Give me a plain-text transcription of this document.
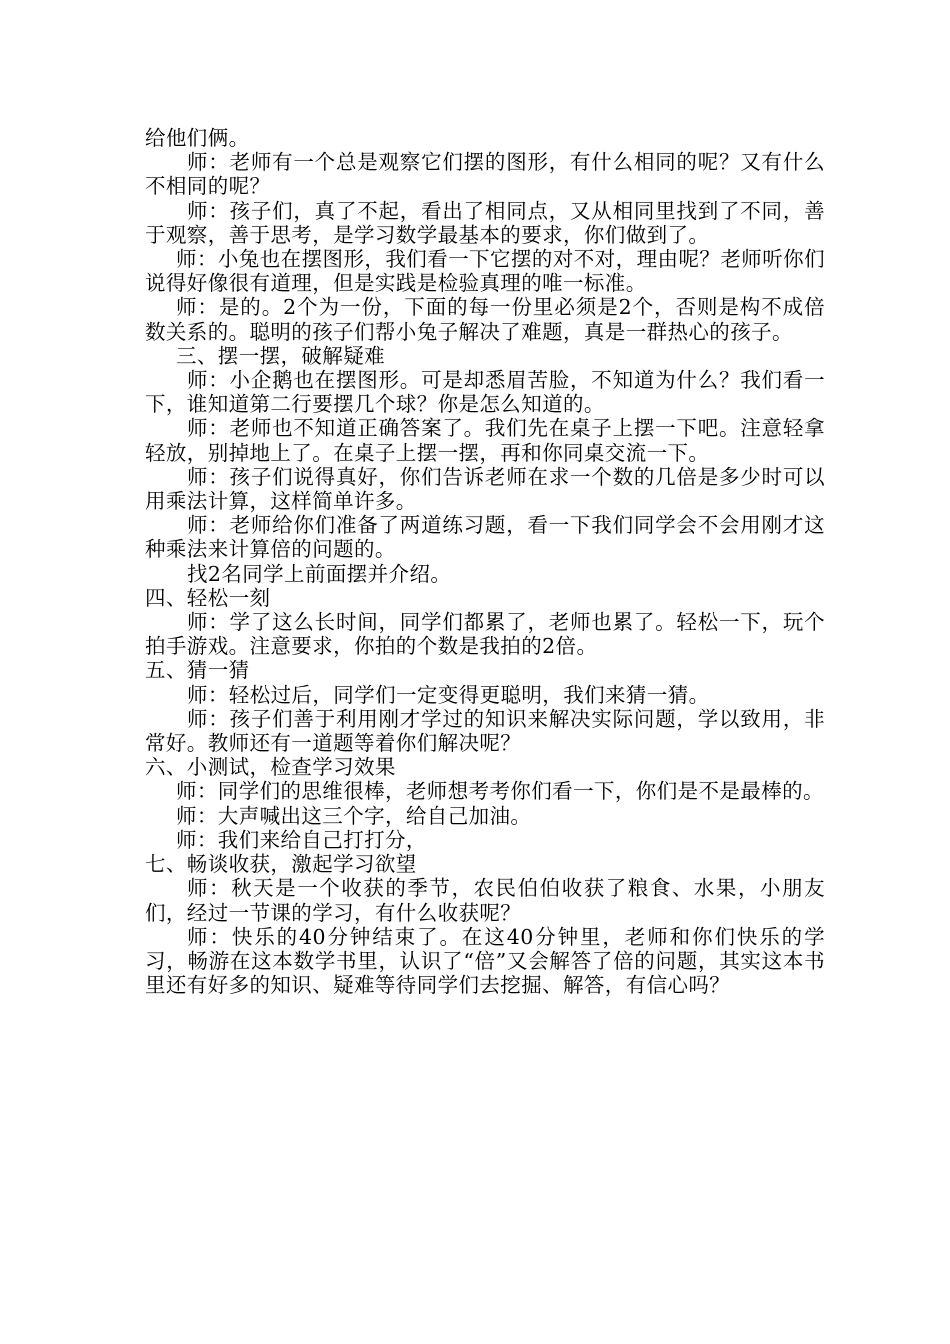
给他们俩。

师：老师有一个总是观察它们摆的图形，有什么相同的呢？又有什么不相同的呢？

师：孩子们，真了不起，看出了相同点，又从相同里找到了不同，善于观察，善于思考，是学习数学最基本的要求，你们做到了。

师：小兔也在摆图形，我们看一下它摆的对不对，理由呢？老师听你们说得好像很有道理，但是实践是检验真理的唯一标准。

师：是的。2个为一份，下面的每一份里必须是2个，否则是构不成倍数关系的。聪明的孩子们帮小兔子解决了难题，真是一群热心的孩子。

三、摆一摆，破解疑难

师：小企鹅也在摆图形。可是却悉眉苦脸，不知道为什么？我们看一下，谁知道第二行要摆几个球？你是怎么知道的。

师：老师也不知道正确答案了。我们先在桌子上摆一下吧。注意轻拿轻放，别掉地上了。在桌子上摆一摆，再和你同桌交流一下。

师：孩子们说得真好，你们告诉老师在求一个数的几倍是多少时可以用乘法计算，这样简单许多。

师：老师给你们准备了两道练习题，看一下我们同学会不会用刚才这种乘法来计算倍的问题的。

找2名同学上前面摆并介绍。

四、轻松一刻

师：学了这么长时间，同学们都累了，老师也累了。轻松一下，玩个拍手游戏。注意要求，你拍的个数是我拍的2倍。

五、猜一猜

师：轻松过后，同学们一定变得更聪明，我们来猜一猜。

师：孩子们善于利用刚才学过的知识来解决实际问题，学以致用，非常好。教师还有一道题等着你们解决呢？

六、小测试，检查学习效果

师：同学们的思维很棒，老师想考考你们看一下，你们是不是最棒的。

师：大声喊出这三个字，给自己加油。

师：我们来给自己打打分，

七、畅谈收获，激起学习欲望

师：秋天是一个收获的季节，农民伯伯收获了粮食、水果，小朋友们，经过一节课的学习，有什么收获呢？

师：快乐的40分钟结束了。在这40分钟里，老师和你们快乐的学习，畅游在这本数学书里，认识了“倍”又会解答了倍的问题，其实这本书里还有好多的知识、疑难等待同学们去挖掘、解答，有信心吗？
